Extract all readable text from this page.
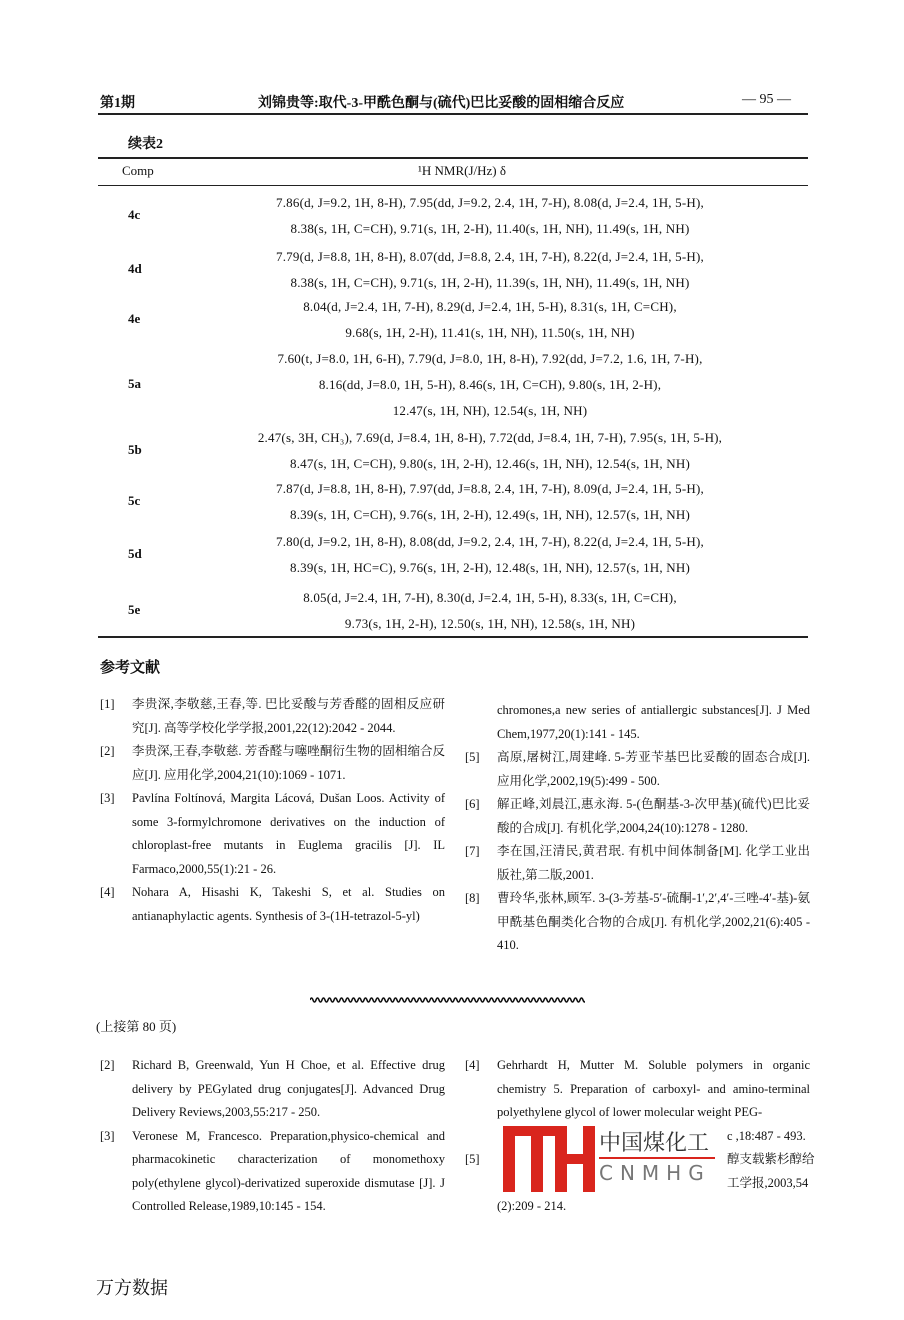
第1期	刘锦贵等:取代-3-甲酰色酮与(硫代)巴比妥酸的固相缩合反应	— 95 —
续表2
Comp	¹H NMR(J/Hz) δ
4c
7.86(d, J=9.2, 1H, 8-H), 7.95(dd, J=9.2, 2.4, 1H, 7-H), 8.08(d, J=2.4, 1H, 5-H),
8.38(s, 1H, C=CH), 9.71(s, 1H, 2-H), 11.40(s, 1H, NH), 11.49(s, 1H, NH)
4d
7.79(d, J=8.8, 1H, 8-H), 8.07(dd, J=8.8, 2.4, 1H, 7-H), 8.22(d, J=2.4, 1H, 5-H),
8.38(s, 1H, C=CH), 9.71(s, 1H, 2-H), 11.39(s, 1H, NH), 11.49(s, 1H, NH)
4e
8.04(d, J=2.4, 1H, 7-H), 8.29(d, J=2.4, 1H, 5-H), 8.31(s, 1H, C=CH),
9.68(s, 1H, 2-H), 11.41(s, 1H, NH), 11.50(s, 1H, NH)
5a
7.60(t, J=8.0, 1H, 6-H), 7.79(d, J=8.0, 1H, 8-H), 7.92(dd, J=7.2, 1.6, 1H, 7-H),
8.16(dd, J=8.0, 1H, 5-H), 8.46(s, 1H, C=CH), 9.80(s, 1H, 2-H),
12.47(s, 1H, NH), 12.54(s, 1H, NH)
5b
2.47(s, 3H, CH₃), 7.69(d, J=8.4, 1H, 8-H), 7.72(dd, J=8.4, 1H, 7-H), 7.95(s, 1H, 5-H),
8.47(s, 1H, C=CH), 9.80(s, 1H, 2-H), 12.46(s, 1H, NH), 12.54(s, 1H, NH)
5c
7.87(d, J=8.8, 1H, 8-H), 7.97(dd, J=8.8, 2.4, 1H, 7-H), 8.09(d, J=2.4, 1H, 5-H),
8.39(s, 1H, C=CH), 9.76(s, 1H, 2-H), 12.49(s, 1H, NH), 12.57(s, 1H, NH)
5d
7.80(d, J=9.2, 1H, 8-H), 8.08(dd, J=9.2, 2.4, 1H, 7-H), 8.22(d, J=2.4, 1H, 5-H),
8.39(s, 1H, HC=C), 9.76(s, 1H, 2-H), 12.48(s, 1H, NH), 12.57(s, 1H, NH)
5e
8.05(d, J=2.4, 1H, 7-H), 8.30(d, J=2.4, 1H, 5-H), 8.33(s, 1H, C=CH),
9.73(s, 1H, 2-H), 12.50(s, 1H, NH), 12.58(s, 1H, NH)
参考文献
[1] 李贵深,李敬慈,王春,等. 巴比妥酸与芳香醛的固相反应研究[J]. 高等学校化学学报,2001,22(12):2042 - 2044.
[2] 李贵深,王春,李敬慈. 芳香醛与噻唑酮衍生物的固相缩合反应[J]. 应用化学,2004,21(10):1069 - 1071.
[3] Pavlína Foltínová, Margita Lácová, Dušan Loos. Activity of some 3-formylchromone derivatives on the induction of chloroplast-free mutants in Euglema gracilis [J]. IL Farmaco,2000,55(1):21 - 26.
[4] Nohara A, Hisashi K, Takeshi S, et al. Studies on antianaphylactic agents. Synthesis of 3-(1H-tetrazol-5-yl)
chromones,a new series of antiallergic substances[J]. J Med Chem,1977,20(1):141 - 145.
[5] 高原,屠树江,周建峰. 5-芳亚苄基巴比妥酸的固态合成[J]. 应用化学,2002,19(5):499 - 500.
[6] 解正峰,刘晨江,惠永海. 5-(色酮基-3-次甲基)(硫代)巴比妥酸的合成[J]. 有机化学,2004,24(10):1278 - 1280.
[7] 李在国,汪清民,黄君珉. 有机中间体制备[M]. 化学工业出版社,第二版,2001.
[8] 曹玲华,张林,顾军. 3-(3-芳基-5′-硫酮-1′,2′,4′-三唑-4′-基)-氨甲酰基色酮类化合物的合成[J]. 有机化学,2002,21(6):405 - 410.
(上接第 80 页)
[2] Richard B, Greenwald, Yun H Choe, et al. Effective drug delivery by PEGylated drug conjugates[J]. Advanced Drug Delivery Reviews,2003,55:217 - 250.
[3] Veronese M, Francesco. Preparation,physico-chemical and pharmacokinetic characterization of monomethoxy poly(ethylene glycol)-derivatized superoxide dismutase [J]. J Controlled Release,1989,10:145 - 154.
[4] Gehrhardt H, Mutter M. Soluble polymers in organic chemistry 5. Preparation of carboxyl- and amino-terminal polyethylene glycol of lower molecular weight PEG-
c ,18:487 - 493.
[5]	醇支载紫杉醇给
工学报,2003,54
(2):209 - 214.
中国煤化工
CNMHG
万方数据
